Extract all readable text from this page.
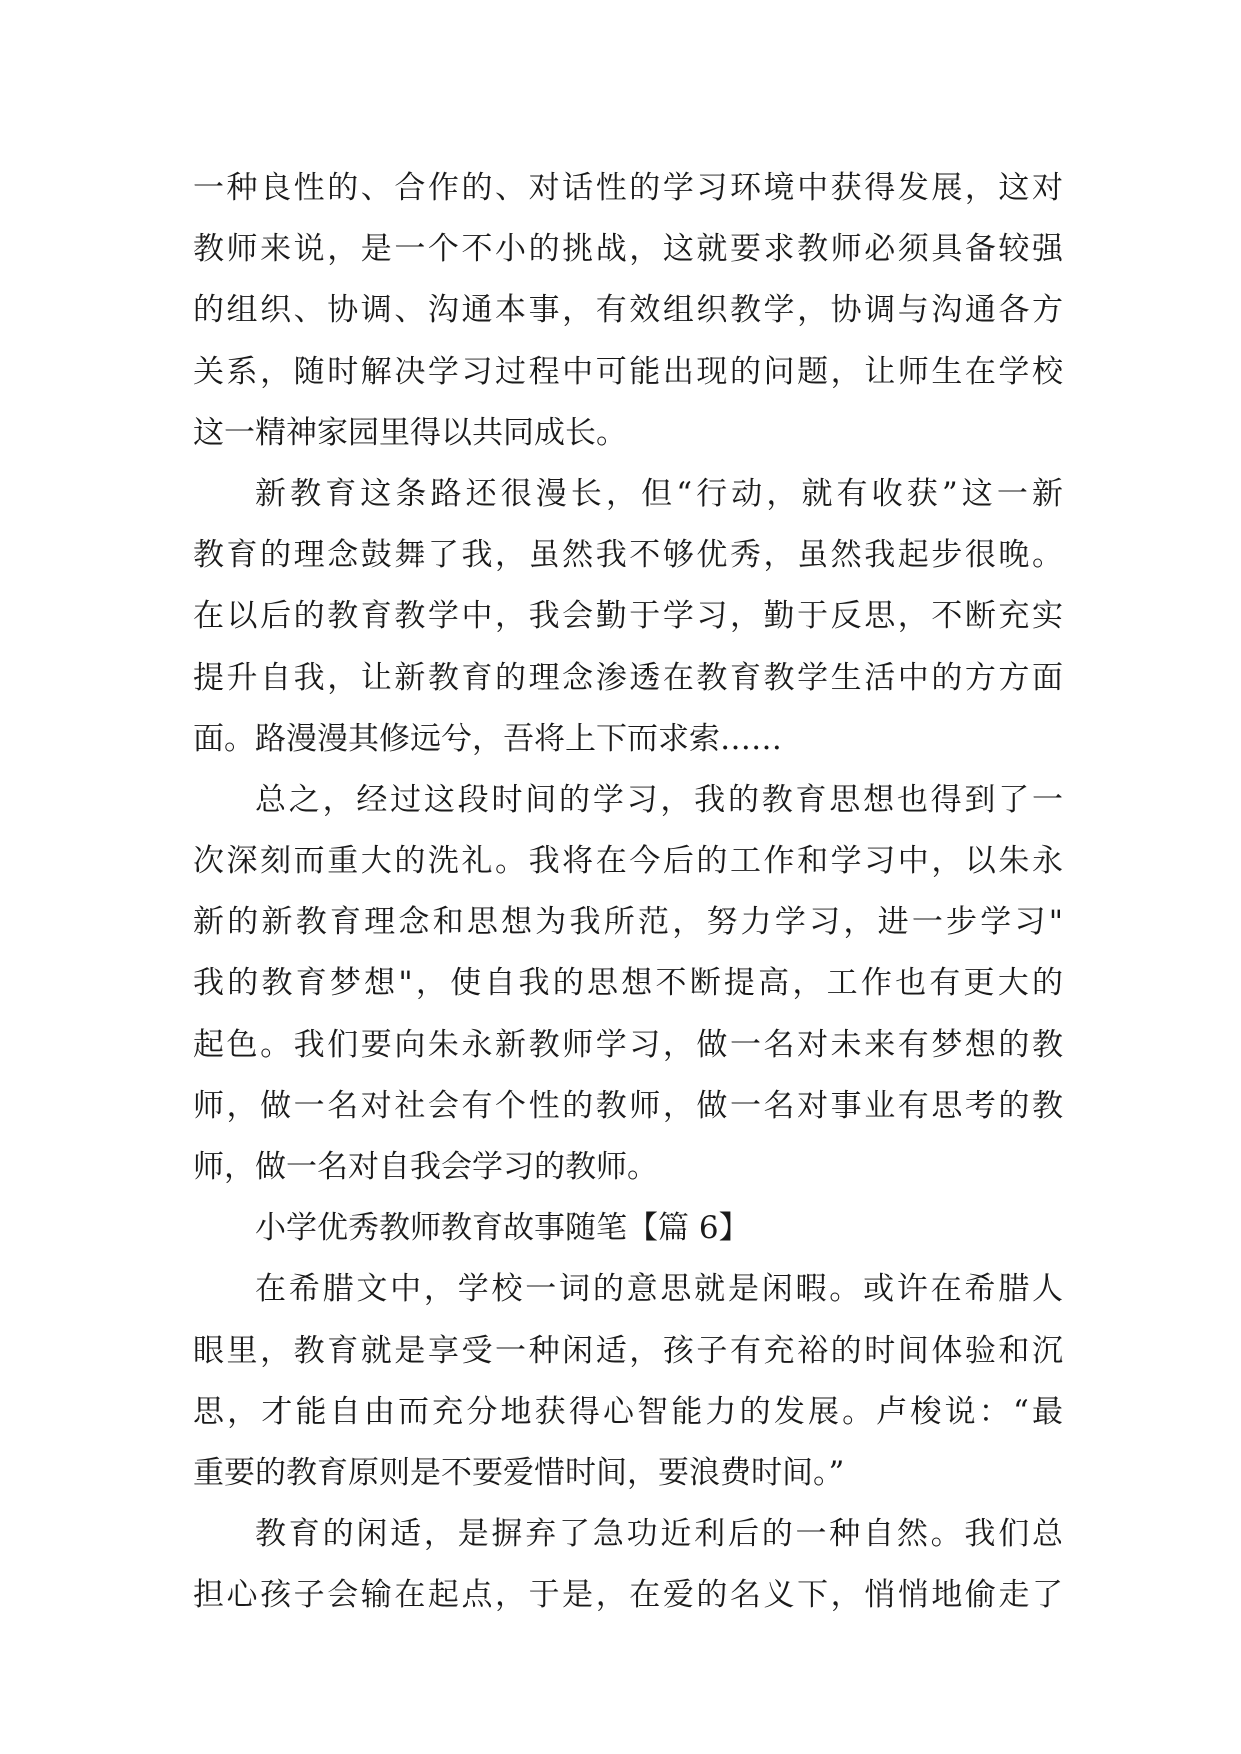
一种良性的、合作的、对话性的学习环境中获得发展，这对
教师来说，是一个不小的挑战，这就要求教师必须具备较强
的组织、协调、沟通本事，有效组织教学，协调与沟通各方
关系，随时解决学习过程中可能出现的问题，让师生在学校
这一精神家园里得以共同成长。
新教育这条路还很漫长，但“行动，就有收获”这一新
教育的理念鼓舞了我，虽然我不够优秀，虽然我起步很晚。
在以后的教育教学中，我会勤于学习，勤于反思，不断充实
提升自我，让新教育的理念渗透在教育教学生活中的方方面
面。路漫漫其修远兮，吾将上下而求索……
总之，经过这段时间的学习，我的教育思想也得到了一
次深刻而重大的洗礼。我将在今后的工作和学习中，以朱永
新的新教育理念和思想为我所范，努力学习，进一步学习"
我的教育梦想"，使自我的思想不断提高，工作也有更大的
起色。我们要向朱永新教师学习，做一名对未来有梦想的教
师，做一名对社会有个性的教师，做一名对事业有思考的教
师，做一名对自我会学习的教师。
小学优秀教师教育故事随笔【篇 6】
在希腊文中，学校一词的意思就是闲暇。或许在希腊人
眼里，教育就是享受一种闲适，孩子有充裕的时间体验和沉
思，才能自由而充分地获得心智能力的发展。卢梭说：“最
重要的教育原则是不要爱惜时间，要浪费时间。”
教育的闲适，是摒弃了急功近利后的一种自然。我们总
担心孩子会输在起点，于是，在爱的名义下，悄悄地偷走了
